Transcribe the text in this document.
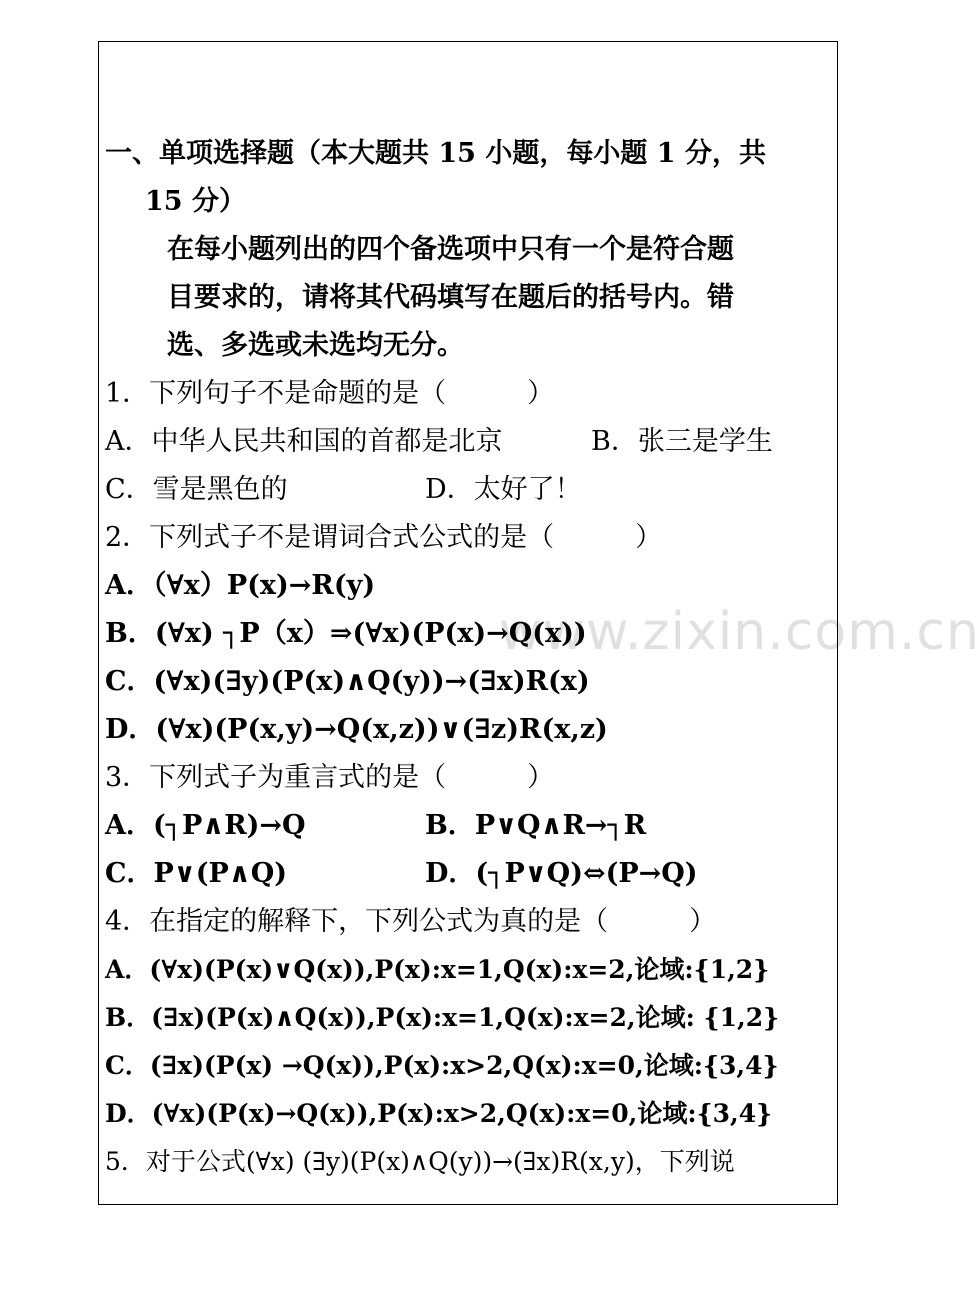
一、单项选择题（本大题共 15 小题，每小题 1 分，共
15 分）
在每小题列出的四个备选项中只有一个是符合题
目要求的，请将其代码填写在题后的括号内。错
选、多选或未选均无分。
1．下列句子不是命题的是（　　　）
A．中华人民共和国的首都是北京	B．张三是学生
C．雪是黑色的	D．太好了！
2．下列式子不是谓词合式公式的是（　　　）
A．（∀x）P(x)→R(y)
B．(∀x) ┐P（x）⇒(∀x)(P(x)→Q(x))
C．(∀x)(∃y)(P(x)∧Q(y))→(∃x)R(x)
D．(∀x)(P(x,y)→Q(x,z))∨(∃z)R(x,z)
3．下列式子为重言式的是（　　　）
A．(┐P∧R)→Q	B．P∨Q∧R→┐R
C．P∨(P∧Q)	D．(┐P∨Q)⇔(P→Q)
4．在指定的解释下，下列公式为真的是（　　　）
A．(∀x)(P(x)∨Q(x)),P(x):x=1,Q(x):x=2,论域:{1,2}
B．(∃x)(P(x)∧Q(x)),P(x):x=1,Q(x):x=2,论域: {1,2}
C．(∃x)(P(x) →Q(x)),P(x):x>2,Q(x):x=0,论域:{3,4}
D．(∀x)(P(x)→Q(x)),P(x):x>2,Q(x):x=0,论域:{3,4}
5．对于公式(∀x) (∃y)(P(x)∧Q(y))→(∃x)R(x,y)，下列说
www.zixin.com.cn
